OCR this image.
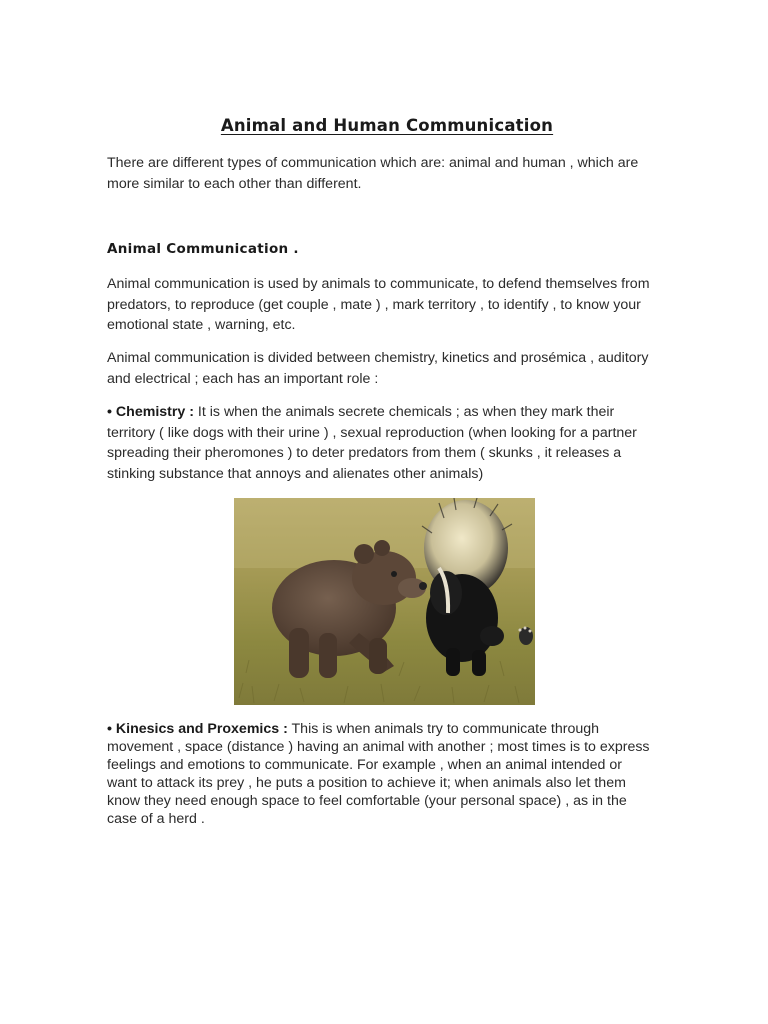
Animal and Human Communication

There are different types of communication which are: animal and human , which are more similar to each other than different.

Animal Communication .

Animal communication is used by animals to communicate, to defend themselves from predators, to reproduce (get couple , mate ) , mark territory , to identify , to know your emotional state , warning, etc.

Animal communication is divided between chemistry, kinetics and prosémica , auditory and electrical ; each has an important role :

• Chemistry : It is when the animals secrete chemicals ; as when they mark their territory ( like dogs with their urine ) , sexual reproduction (when looking for a partner spreading their pheromones ) to deter predators from them ( skunks , it releases a stinking substance that annoys and alienates other animals)

• Kinesics and Proxemics : This is when animals try to communicate through movement , space (distance ) having an animal with another ; most times is to express feelings and emotions to communicate. For example , when an animal intended or want to attack its prey , he puts a position to achieve it; when animals also let them know they need enough space to feel comfortable (your personal space) , as in the case of a herd .
